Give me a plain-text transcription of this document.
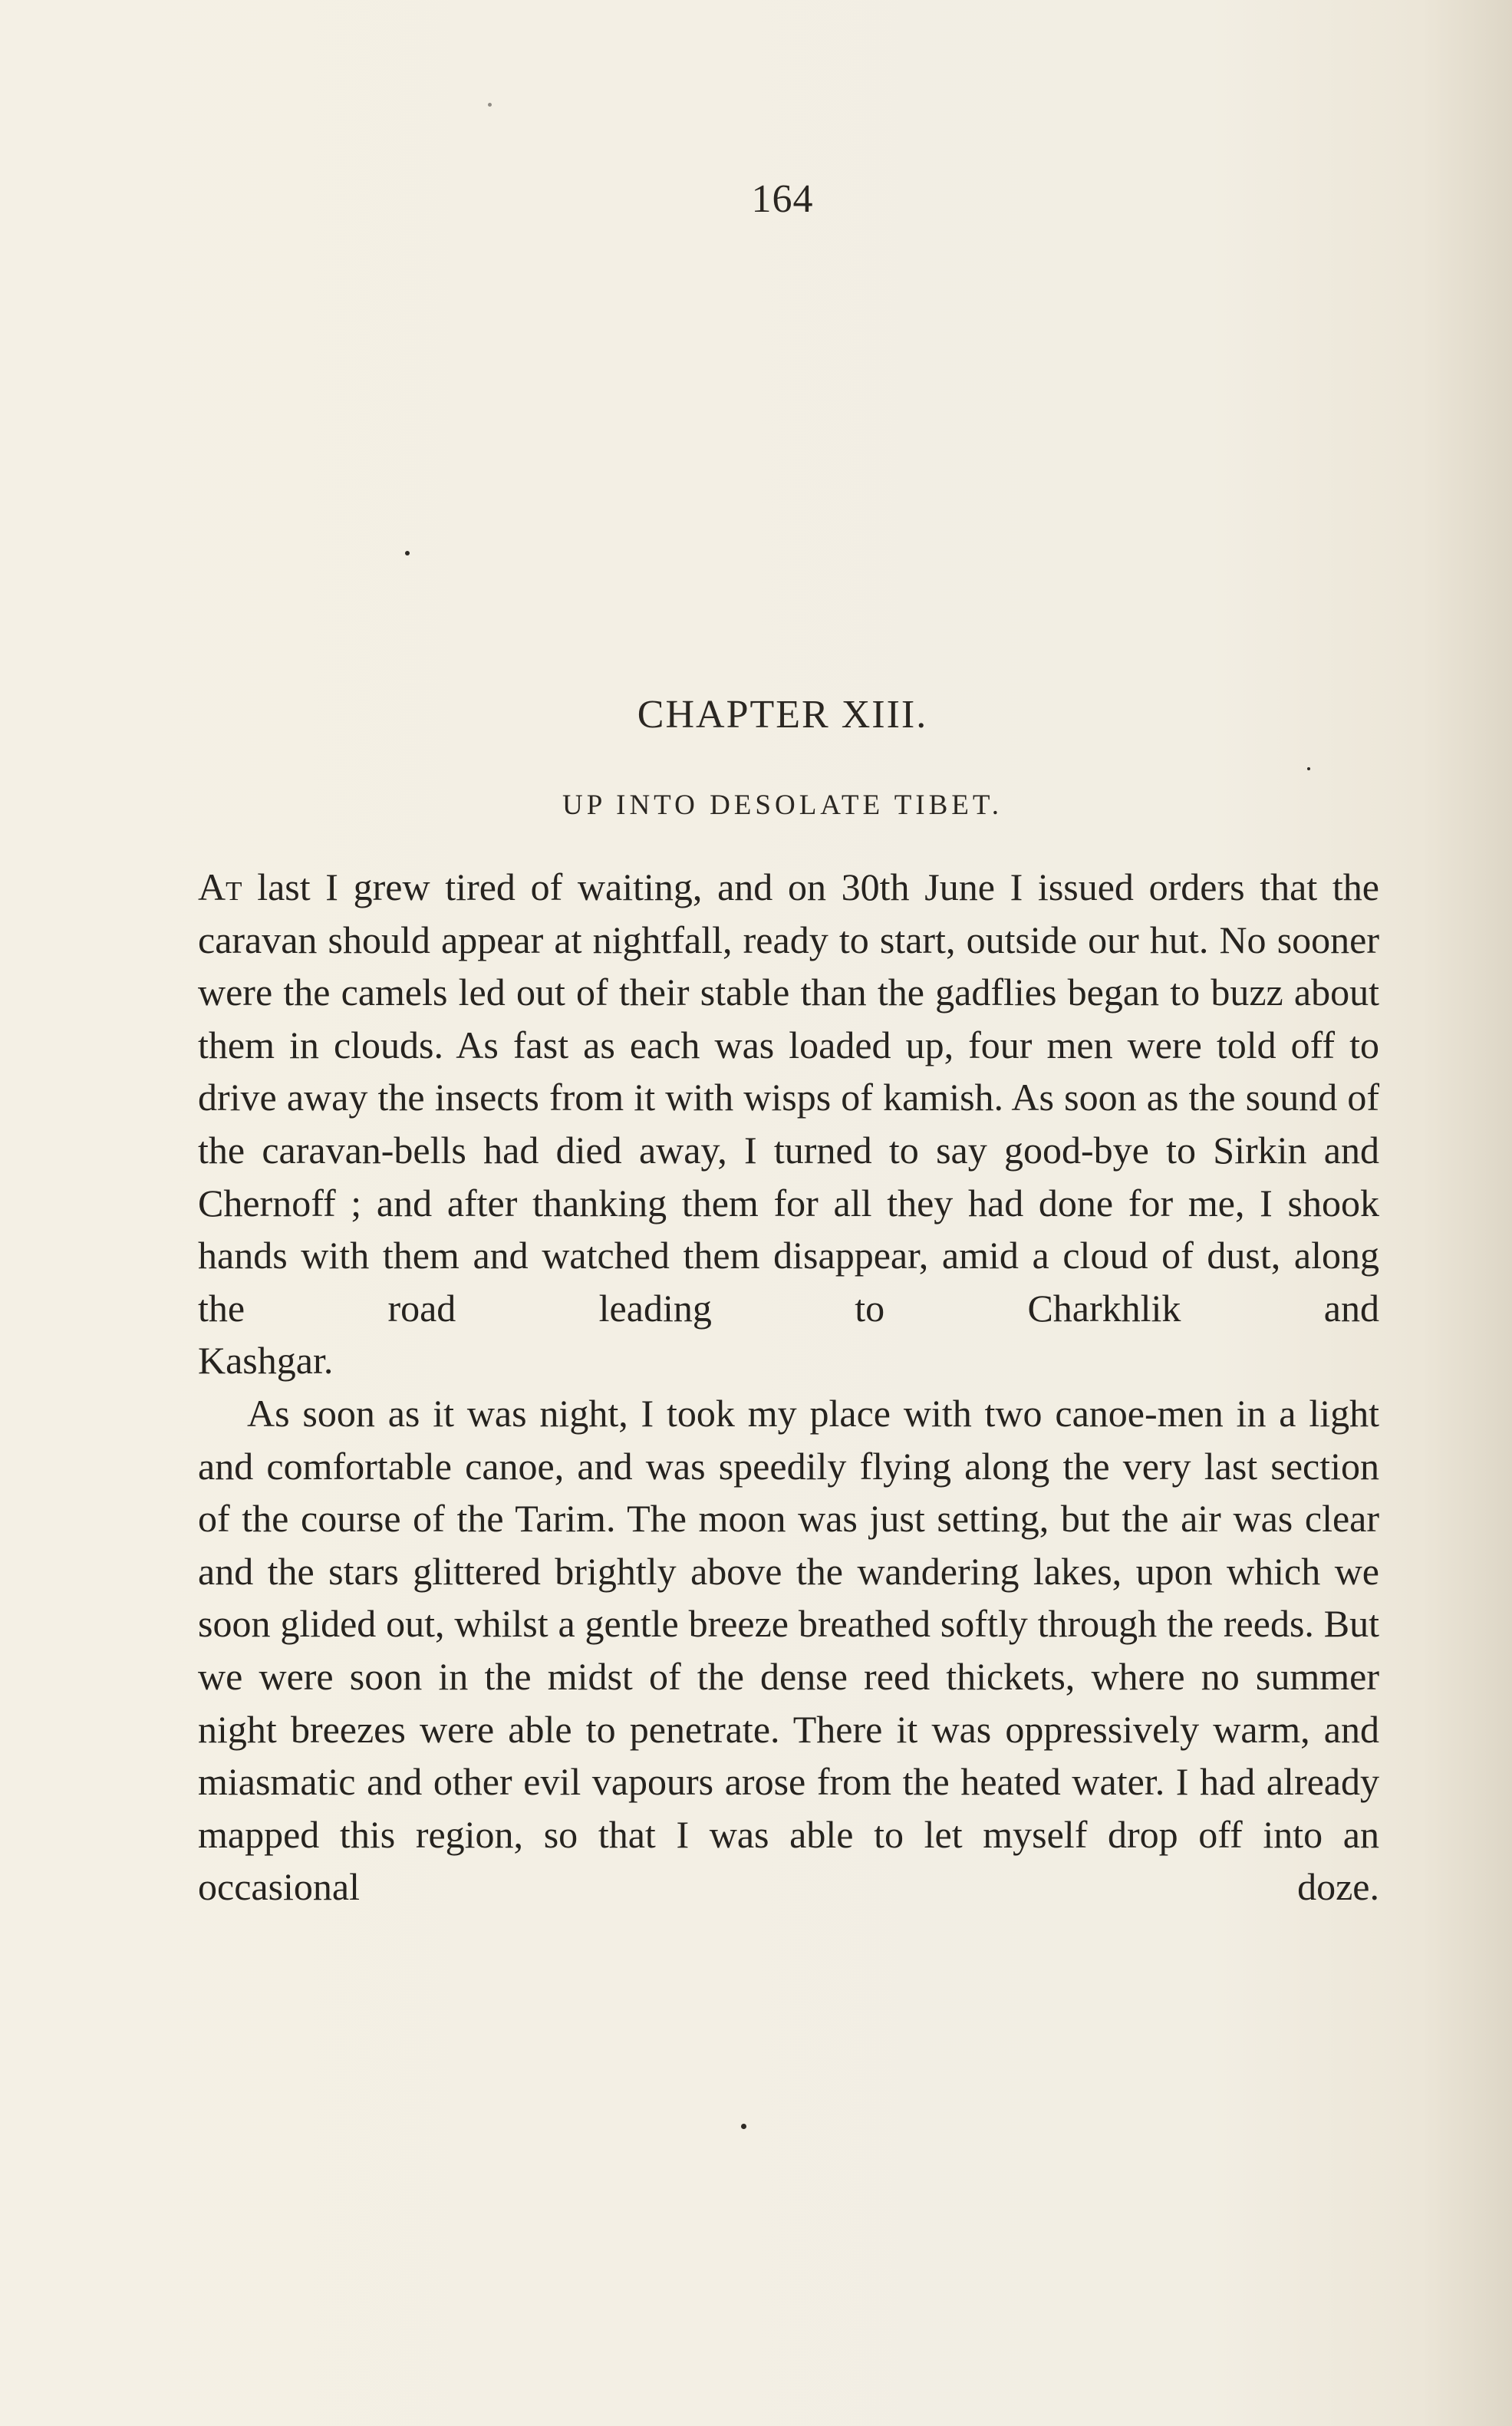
164
CHAPTER XIII.
UP INTO DESOLATE TIBET.

At last I grew tired of waiting, and on 30th June I issued orders that the caravan should appear at nightfall, ready to start, outside our hut. No sooner were the camels led out of their stable than the gadflies began to buzz about them in clouds. As fast as each was loaded up, four men were told off to drive away the insects from it with wisps of kamish. As soon as the sound of the caravan-bells had died away, I turned to say good-bye to Sirkin and Chernoff ; and after thanking them for all they had done for me, I shook hands with them and watched them disappear, amid a cloud of dust, along the road leading to Charkhlik and

Kashgar.

As soon as it was night, I took my place with two canoe-men in a light and comfortable canoe, and was speedily flying along the very last section of the course of the Tarim. The moon was just setting, but the air was clear and the stars glittered brightly above the wandering lakes, upon which we soon glided out, whilst a gentle breeze breathed softly through the reeds. But we were soon in the midst of the dense reed thickets, where no summer night breezes were able to penetrate. There it was oppressively warm, and miasmatic and other evil vapours arose from the heated water. I had already mapped this region, so that I was able to let myself drop off into an occasional doze.
